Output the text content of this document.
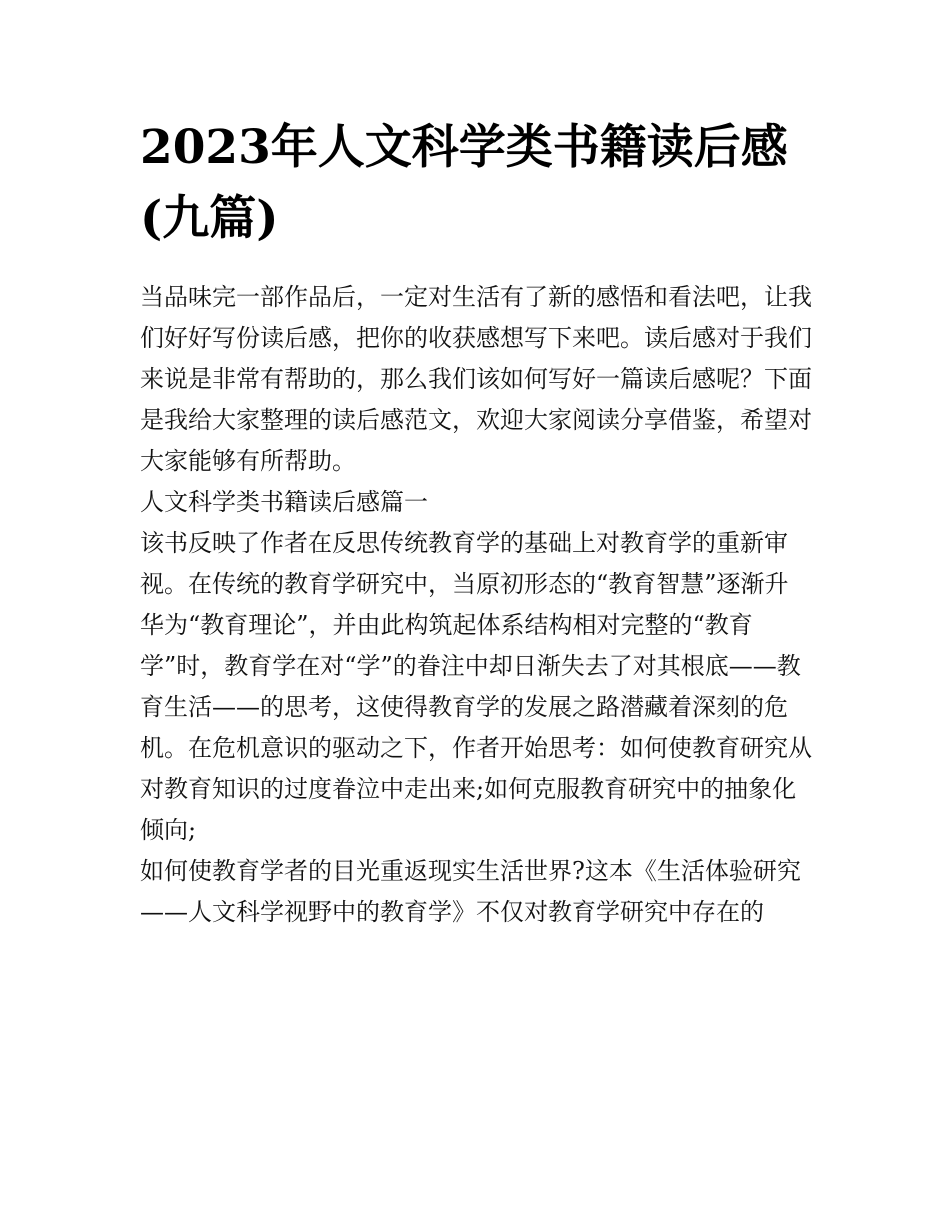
2023年人文科学类书籍读后感(九篇)

当品味完一部作品后，一定对生活有了新的感悟和看法吧，让我们好好写份读后感，把你的收获感想写下来吧。读后感对于我们来说是非常有帮助的，那么我们该如何写好一篇读后感呢？下面是我给大家整理的读后感范文，欢迎大家阅读分享借鉴，希望对大家能够有所帮助。

人文科学类书籍读后感篇一

该书反映了作者在反思传统教育学的基础上对教育学的重新审视。在传统的教育学研究中，当原初形态的“教育智慧”逐渐升华为“教育理论”，并由此构筑起体系结构相对完整的“教育学”时，教育学在对“学”的眷注中却日渐失去了对其根底——教育生活——的思考，这使得教育学的发展之路潜藏着深刻的危机。在危机意识的驱动之下，作者开始思考：如何使教育研究从对教育知识的过度眷泣中走出来;如何克服教育研究中的抽象化倾向;

如何使教育学者的目光重返现实生活世界?这本《生活体验研究——人文科学视野中的教育学》不仅对教育学研究中存在的
